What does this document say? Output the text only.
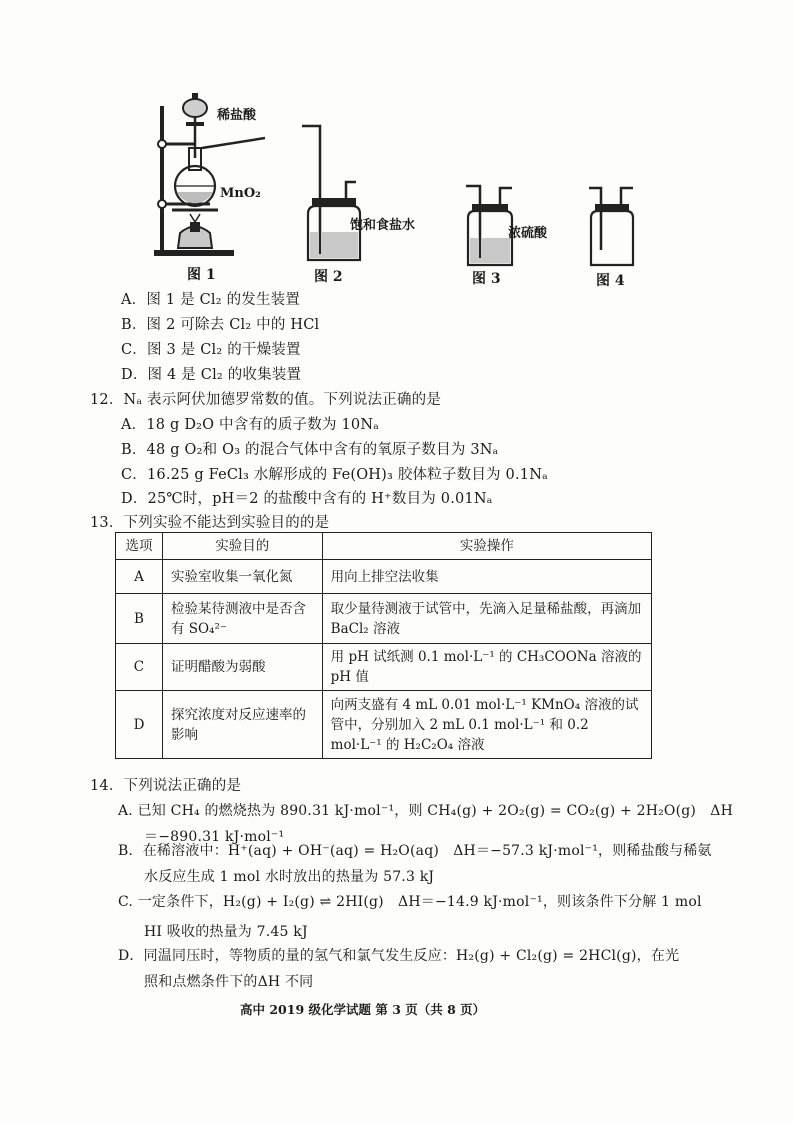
稀盐酸
MnO₂
图 1
饱和食盐水
图 2
浓硫酸
图 3	图 4
A．图 1 是 Cl₂ 的发生装置
B．图 2 可除去 Cl₂ 中的 HCl
C．图 3 是 Cl₂ 的干燥装置
D．图 4 是 Cl₂ 的收集装置
12．Nₐ 表示阿伏加德罗常数的值。下列说法正确的是
A．18 g D₂O 中含有的质子数为 10Nₐ
B．48 g O₂和 O₃ 的混合气体中含有的氧原子数目为 3Nₐ
C．16.25 g FeCl₃ 水解形成的 Fe(OH)₃ 胶体粒子数目为 0.1Nₐ
D．25℃时，pH＝2 的盐酸中含有的 H⁺数目为 0.01Nₐ
13．下列实验不能达到实验目的的是
选项	实验目的	实验操作
A	实验室收集一氧化氮	用向上排空法收集
B	检验某待测液中是否含有 SO₄²⁻	取少量待测液于试管中，先滴入足量稀盐酸，再滴加 BaCl₂ 溶液
C	证明醋酸为弱酸	用 pH 试纸测 0.1 mol·L⁻¹ 的 CH₃COONa 溶液的 pH 值
D	探究浓度对反应速率的影响	向两支盛有 4 mL 0.01 mol·L⁻¹ KMnO₄ 溶液的试管中，分别加入 2 mL 0.1 mol·L⁻¹ 和 0.2 mol·L⁻¹ 的 H₂C₂O₄ 溶液
14．下列说法正确的是
A. 已知 CH₄ 的燃烧热为 890.31 kJ·mol⁻¹，则 CH₄(g) + 2O₂(g) = CO₂(g) + 2H₂O(g)　ΔH
＝−890.31 kJ·mol⁻¹
B．在稀溶液中：H⁺(aq) + OH⁻(aq) = H₂O(aq)　ΔH＝−57.3 kJ·mol⁻¹，则稀盐酸与稀氨
水反应生成 1 mol 水时放出的热量为 57.3 kJ
C. 一定条件下，H₂(g) + I₂(g) ⇌ 2HI(g)　ΔH＝−14.9 kJ·mol⁻¹，则该条件下分解 1 mol
HI 吸收的热量为 7.45 kJ
D．同温同压时，等物质的量的氢气和氯气发生反应：H₂(g) + Cl₂(g) = 2HCl(g)，在光
照和点燃条件下的ΔH 不同
高中 2019 级化学试题 第 3 页（共 8 页）
